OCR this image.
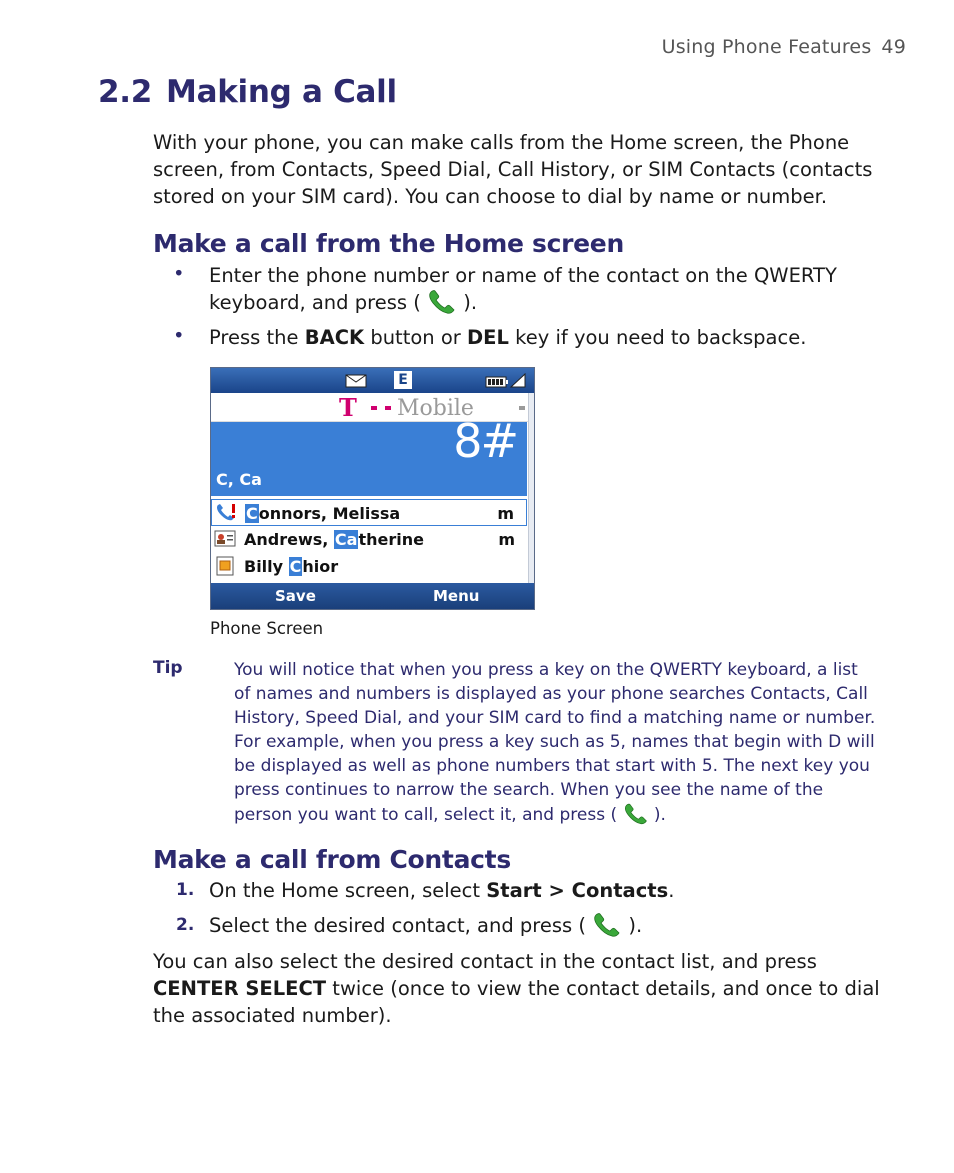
Using Phone Features 49
2.2 Making a Call
With your phone, you can make calls from the Home screen, the Phone screen, from Contacts, Speed Dial, Call History, or SIM Contacts (contacts stored on your SIM card). You can choose to dial by name or number.
Make a call from the Home screen
• Enter the phone number or name of the contact on the QWERTY keyboard, and press ( ).
• Press the BACK button or DEL key if you need to backspace.
E
T Mobile
8#
C, Ca
Connors, Melissa	m
Andrews, Catherine	m
Billy Chior
Save	Menu
Phone Screen
Tip	You will notice that when you press a key on the QWERTY keyboard, a list of names and numbers is displayed as your phone searches Contacts, Call History, Speed Dial, and your SIM card to find a matching name or number. For example, when you press a key such as 5, names that begin with D will be displayed as well as phone numbers that start with 5. The next key you press continues to narrow the search. When you see the name of the person you want to call, select it, and press ( ).
Make a call from Contacts
1. On the Home screen, select Start > Contacts.
2. Select the desired contact, and press ( ).
You can also select the desired contact in the contact list, and press CENTER SELECT twice (once to view the contact details, and once to dial the associated number).
